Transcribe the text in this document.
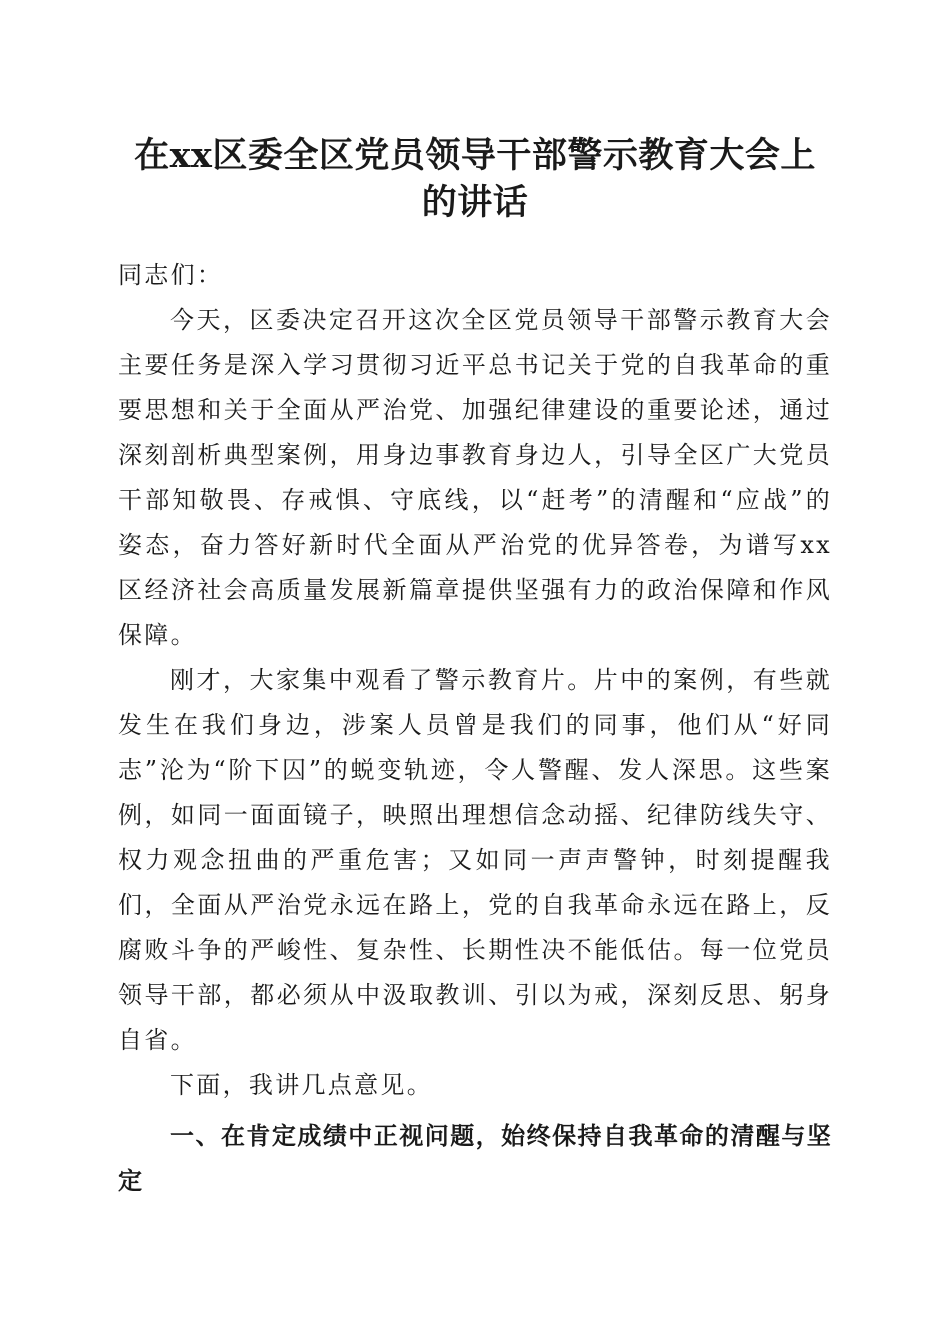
在xx区委全区党员领导干部警示教育大会上
的讲话

同志们：

今天，区委决定召开这次全区党员领导干部警示教育大会主要任务是深入学习贯彻习近平总书记关于党的自我革命的重要思想和关于全面从严治党、加强纪律建设的重要论述，通过深刻剖析典型案例，用身边事教育身边人，引导全区广大党员干部知敬畏、存戒惧、守底线，以“赶考”的清醒和“应战”的姿态，奋力答好新时代全面从严治党的优异答卷，为谱写xx区经济社会高质量发展新篇章提供坚强有力的政治保障和作风保障。

刚才，大家集中观看了警示教育片。片中的案例，有些就发生在我们身边，涉案人员曾是我们的同事，他们从“好同志”沦为“阶下囚”的蜕变轨迹，令人警醒、发人深思。这些案例，如同一面面镜子，映照出理想信念动摇、纪律防线失守、权力观念扭曲的严重危害；又如同一声声警钟，时刻提醒我们，全面从严治党永远在路上，党的自我革命永远在路上，反腐败斗争的严峻性、复杂性、长期性决不能低估。每一位党员领导干部，都必须从中汲取教训、引以为戒，深刻反思、躬身自省。

下面，我讲几点意见。

一、在肯定成绩中正视问题，始终保持自我革命的清醒与坚定
